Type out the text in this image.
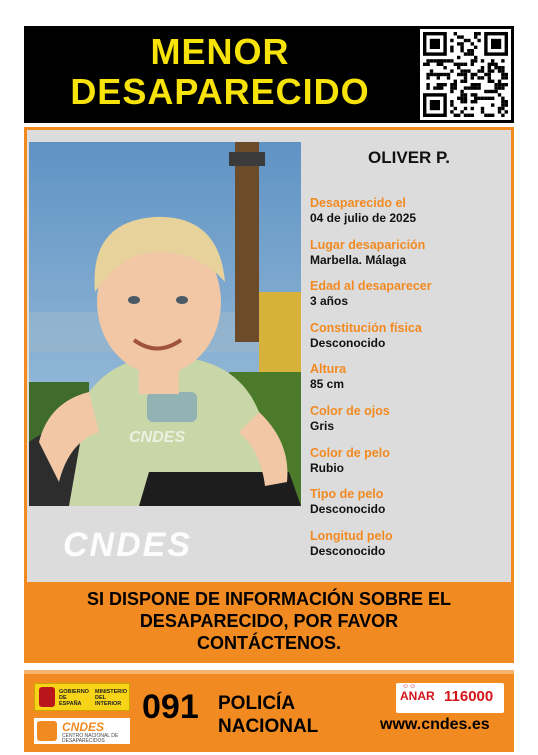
MENOR
DESAPARECIDO
CNDES
CNDES
OLIVER P.
Desaparecido el
04 de julio de 2025
Lugar desaparición
Marbella. Málaga
Edad al desaparecer
3 años
Constitución física
Desconocido
Altura
85 cm
Color de ojos
Gris
Color de pelo
Rubio
Tipo de pelo
Desconocido
Longitud pelo
Desconocido
SI DISPONE DE INFORMACIÓN SOBRE EL
DESAPARECIDO, POR FAVOR
CONTÁCTENOS.
GOBIERNO DE ESPAÑA
MINISTERIO DEL INTERIOR
CNDES
CENTRO NACIONAL DE DESAPARECIDOS
091 POLICÍA
NACIONAL
☺☺
ANAR 116000
www.cndes.es
